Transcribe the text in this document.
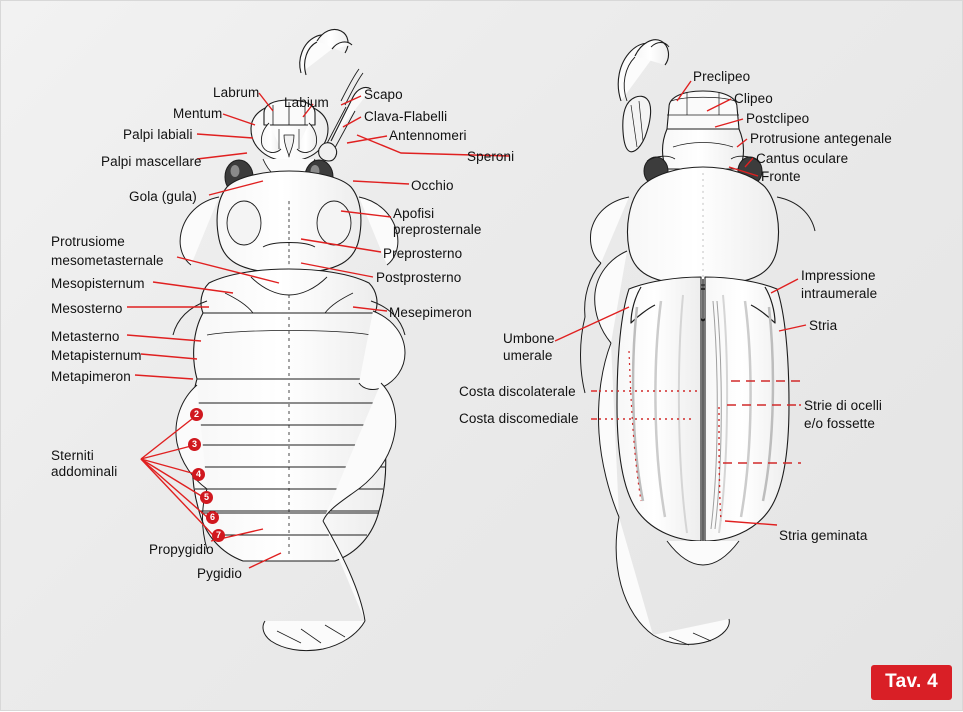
Labrum
Mentum
Palpi labiali
Palpi mascellare
Gola (gula)
Labium
Scapo
Clava-Flabelli
Antennomeri
Speroni
Occhio
Apofisi
preprosternale
Preprosterno
Postprosterno
Protrusiome
mesometasternale
Mesopisternum
Mesosterno	Mesepimeron
Metasterno
Metapisternum
Metapimeron
Sterniti
addominali
Propygidio
Pygidio
2
3
4
5
6
7
Preclipeo
Clipeo
Postclipeo
Protrusione antegenale
Cantus oculare
Fronte
Impressione
intraumerale
Stria
Umbone
umerale
Costa discolaterale
Costa discomediale
Strie di ocelli
e/o fossette
Stria geminata
Tav. 4
